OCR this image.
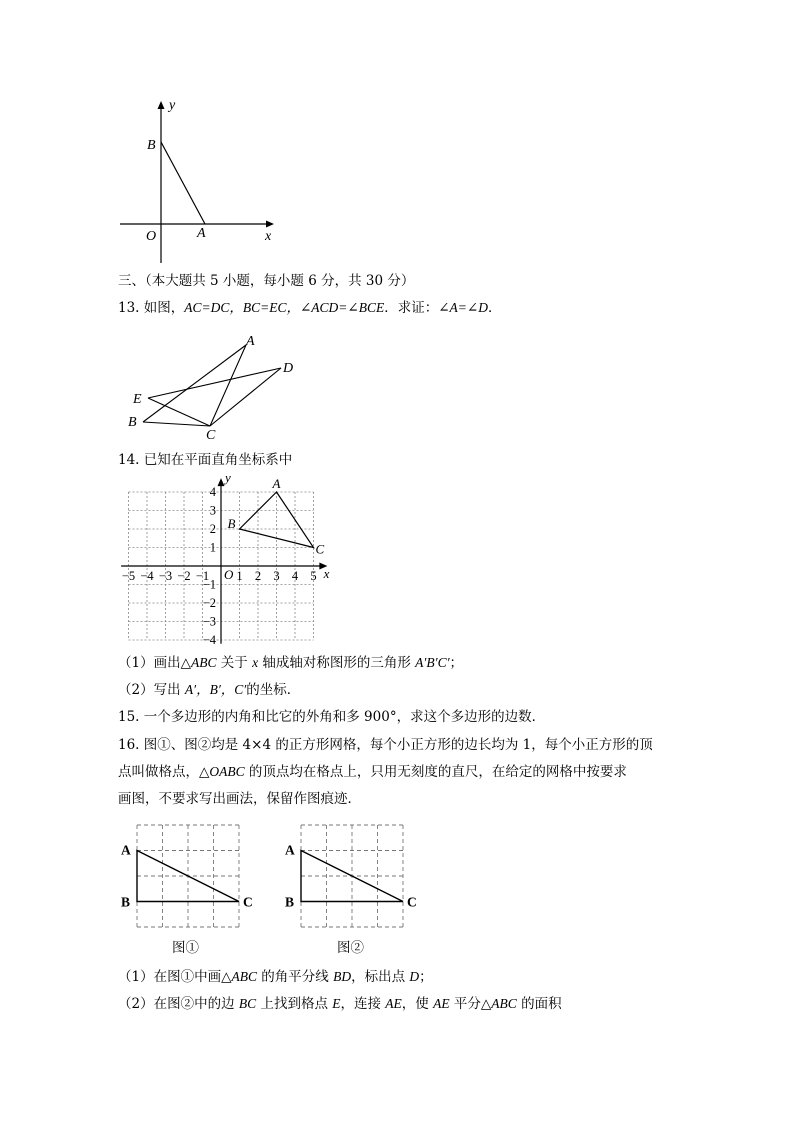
y
B
O	A	x
三、（本大题共 5 小题，每小题 6 分，共 30 分）
13. 如图，AC=DC，BC=EC，∠ACD=∠BCE．求证：∠A=∠D．
A
D
E
B
C
14. 已知在平面直角坐标系中
−5 −4 −3 −2 −1 1 2 3 4 5
1
2
3
4
−1
−2
−3
−4
O	x
y	A
B
C
（1）画出△ABC 关于 x 轴成轴对称图形的三角形 A′B′C′；
（2）写出 A′，B′，C′的坐标．
15. 一个多边形的内角和比它的外角和多 900°，求这个多边形的边数．
16. 图①、图②均是 4×4 的正方形网格，每个小正方形的边长均为 1，每个小正方形的顶
点叫做格点，△OABC 的顶点均在格点上，只用无刻度的直尺，在给定的网格中按要求
画图，不要求写出画法，保留作图痕迹．
A
B	C
A
B	C
图①	图②
（1）在图①中画△ABC 的角平分线 BD，标出点 D；
（2）在图②中的边 BC 上找到格点 E，连接 AE，使 AE 平分△ABC 的面积
